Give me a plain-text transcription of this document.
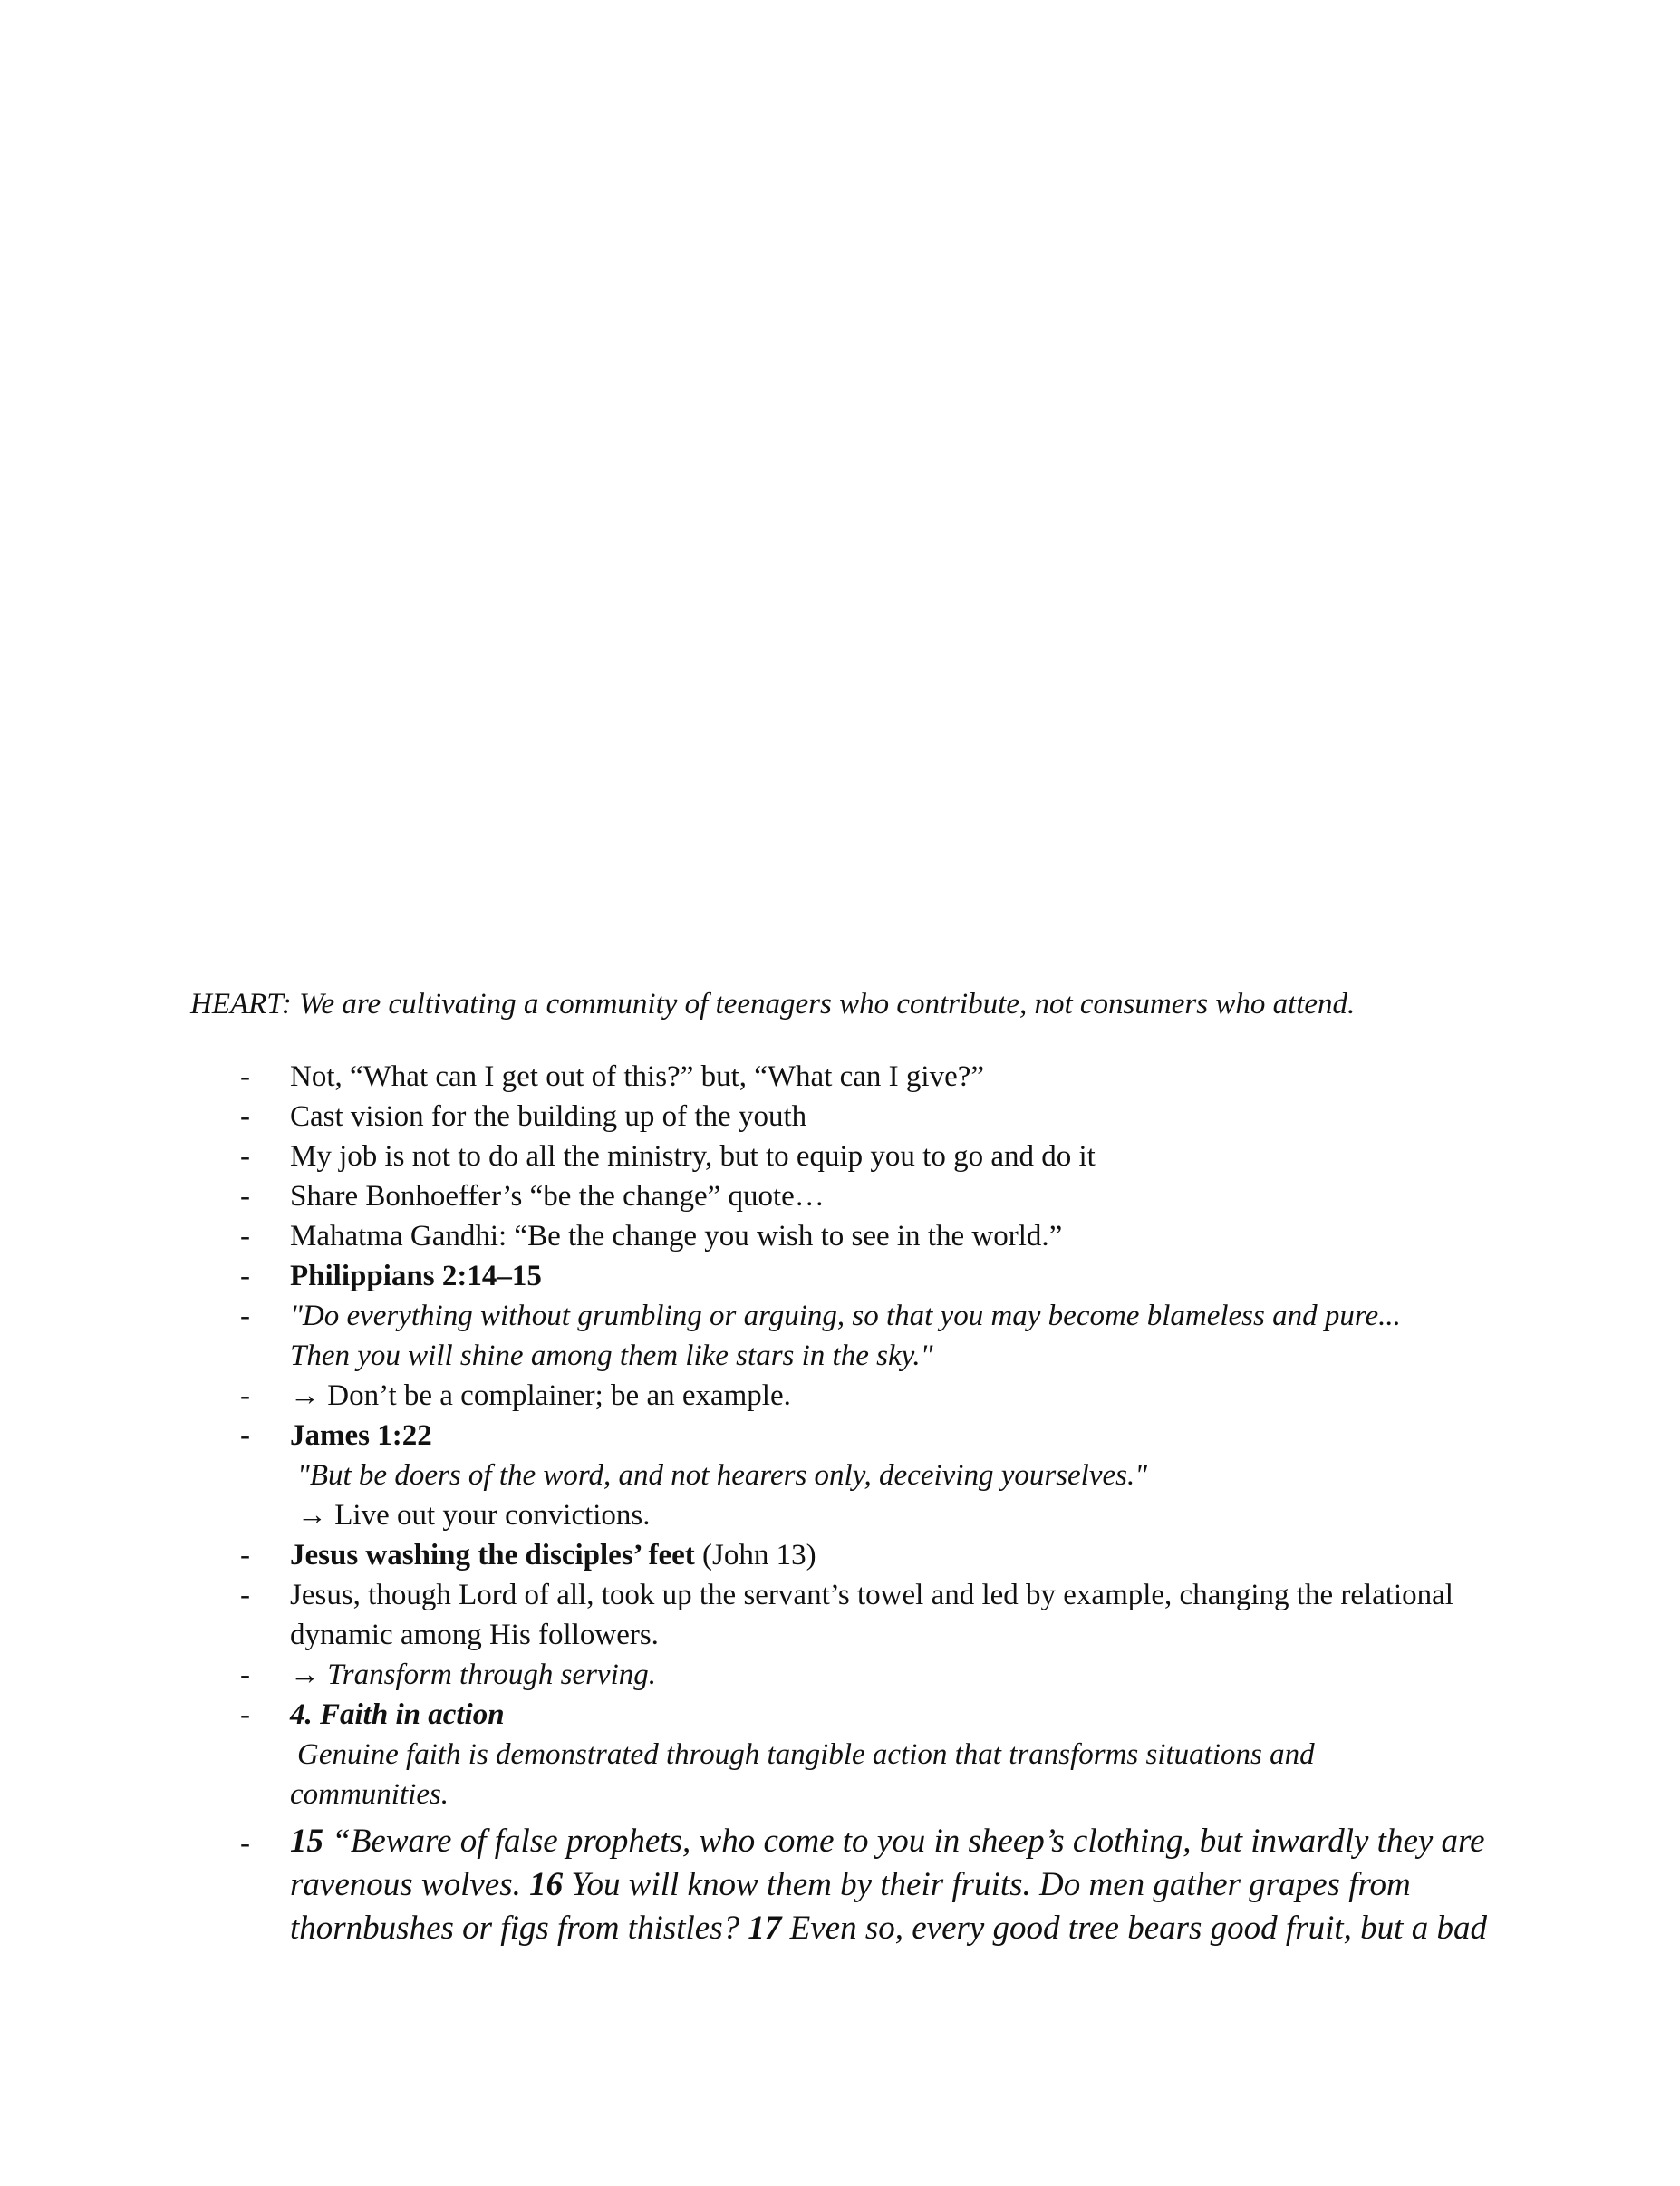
HEART: We are cultivating a community of teenagers who contribute, not consumers who attend.
- Not, “What can I get out of this?” but, “What can I give?”
- Cast vision for the building up of the youth
- My job is not to do all the ministry, but to equip you to go and do it
- Share Bonhoeffer’s “be the change” quote…
- Mahatma Gandhi: “Be the change you wish to see in the world.”
- Philippians 2:14–15
- "Do everything without grumbling or arguing, so that you may become blameless and pure...
Then you will shine among them like stars in the sky."
- → Don’t be a complainer; be an example.
- James 1:22
"But be doers of the word, and not hearers only, deceiving yourselves."
→ Live out your convictions.
- Jesus washing the disciples’ feet (John 13)
- Jesus, though Lord of all, took up the servant’s towel and led by example, changing the relational
dynamic among His followers.
- → Transform through serving.
- 4. Faith in action
Genuine faith is demonstrated through tangible action that transforms situations and
communities.
- 15 “Beware of false prophets, who come to you in sheep’s clothing, but inwardly they are
ravenous wolves. 16 You will know them by their fruits. Do men gather grapes from
thornbushes or figs from thistles? 17 Even so, every good tree bears good fruit, but a bad
